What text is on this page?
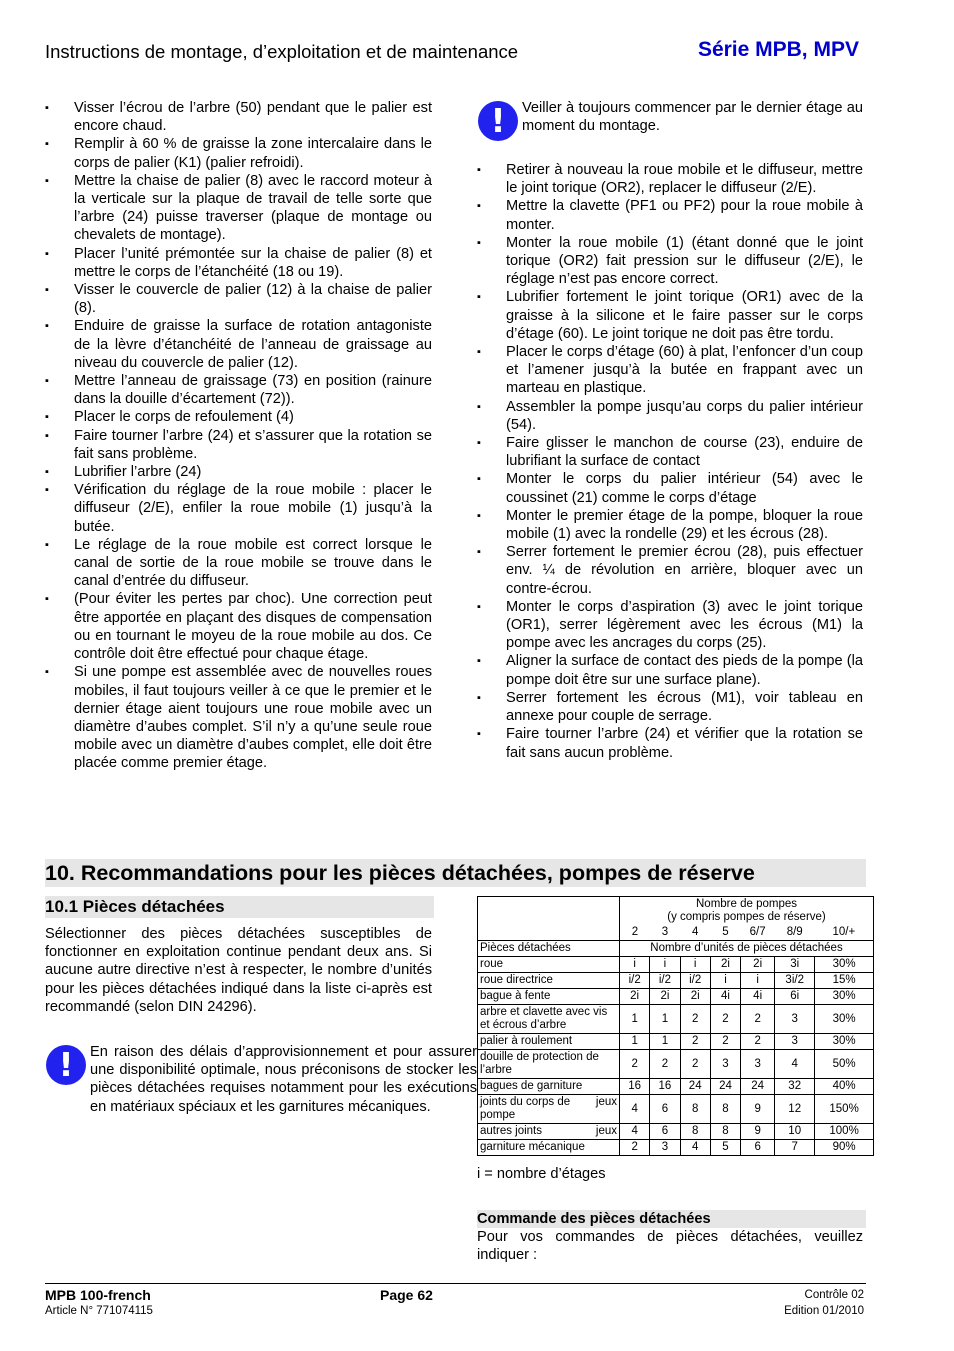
Instructions de montage, d’exploitation et de maintenance	Série MPB, MPV
▪ Visser l’écrou de l’arbre (50) pendant que le palier est encore chaud.
▪ Remplir à 60 % de graisse la zone intercalaire dans le corps de palier (K1) (palier refroidi).
▪ Mettre la chaise de palier (8) avec le raccord moteur à la verticale sur la plaque de travail de telle sorte que l’arbre (24) puisse traverser (plaque de montage ou chevalets de montage).
▪ Placer l’unité prémontée sur la chaise de palier (8) et mettre le corps de l’étanchéité (18 ou 19).
▪ Visser le couvercle de palier (12) à la chaise de palier (8).
▪ Enduire de graisse la surface de rotation antagoniste de la lèvre d’étanchéité de l’anneau de graissage au niveau du couvercle de palier (12).
▪ Mettre l’anneau de graissage (73) en position (rainure dans la douille d’écartement (72)).
▪ Placer le corps de refoulement (4)
▪ Faire tourner l’arbre (24) et s’assurer que la rotation se fait sans problème.
▪ Lubrifier l’arbre (24)
▪ Vérification du réglage de la roue mobile : placer le diffuseur (2/E), enfiler la roue mobile (1) jusqu’à la butée.
▪ Le réglage de la roue mobile est correct lorsque le canal de sortie de la roue mobile se trouve dans le canal d’entrée du diffuseur.
▪ (Pour éviter les pertes par choc). Une correction peut être apportée en plaçant des disques de compensation ou en tournant le moyeu de la roue mobile au dos. Ce contrôle doit être effectué pour chaque étage.
▪ Si une pompe est assemblée avec de nouvelles roues mobiles, il faut toujours veiller à ce que le premier et le dernier étage aient toujours une roue mobile avec un diamètre d’aubes complet. S’il n’y a qu’une seule roue mobile avec un diamètre d’aubes complet, elle doit être placée comme premier étage.
!	Veiller à toujours commencer par le dernier étage au moment du montage.
▪ Retirer à nouveau la roue mobile et le diffuseur, mettre le joint torique (OR2), replacer le diffuseur (2/E).
▪ Mettre la clavette (PF1 ou PF2) pour la roue mobile à monter.
▪ Monter la roue mobile (1) (étant donné que le joint torique (OR2) fait pression sur le diffuseur (2/E), le réglage n’est pas encore correct.
▪ Lubrifier fortement le joint torique (OR1) avec de la graisse à la silicone et le faire passer sur le corps d’étage (60). Le joint torique ne doit pas être tordu.
▪ Placer le corps d’étage (60) à plat, l’enfoncer d’un coup et l’amener jusqu’à la butée en frappant avec un marteau en plastique.
▪ Assembler la pompe jusqu’au corps du palier intérieur (54).
▪ Faire glisser le manchon de course (23), enduire de lubrifiant la surface de contact
▪ Monter le corps du palier intérieur (54) avec le coussinet (21) comme le corps d’étage
▪ Monter le premier étage de la pompe, bloquer la roue mobile (1) avec la rondelle (29) et les écrous (28).
▪ Serrer fortement le premier écrou (28), puis effectuer env. ¼ de révolution en arrière, bloquer avec un contre-écrou.
▪ Monter le corps d’aspiration (3) avec le joint torique (OR1), serrer légèrement avec les écrous (M1) la pompe avec les ancrages du corps (25).
▪ Aligner la surface de contact des pieds de la pompe (la pompe doit être sur une surface plane).
▪ Serrer fortement les écrous (M1), voir tableau en annexe pour couple de serrage.
▪ Faire tourner l’arbre (24) et vérifier que la rotation se fait sans aucun problème.
10. Recommandations pour les pièces détachées, pompes de réserve
10.1 Pièces détachées
Sélectionner des pièces détachées susceptibles de fonctionner en exploitation continue pendant deux ans. Si aucune autre directive n’est à respecter, le nombre d’unités pour les pièces détachées indiqué dans la liste ci-après est recommandé (selon DIN 24296).
!	En raison des délais d’approvisionnement et pour assurer une disponibilité optimale, nous préconisons de stocker les pièces détachées requises notamment pour les exécutions en matériaux spéciaux et les garnitures mécaniques.

	Nombre de pompes
(y compris pompes de réserve)						

	2	3	4	5	6/7	8/9	10/+
Pièces détachées	Nombre d’unités de pièces détachées						
roue	i	i	i	2i	2i	3i	30%
roue directrice	i/2	i/2	i/2	i	i	3i/2	15%
bague à fente	2i	2i	2i	4i	4i	6i	30%
arbre et clavette avec vis et écrous d’arbre	1	1	2	2	2	3	30%
palier à roulement	1	1	2	2	2	3	30%
douille de protection de l’arbre	2	2	2	3	3	4	50%
bagues de garniture	16	16	24	24	24	32	40%

jeux
joints du corps de pompe	4	6	8	8	9	12	150%

jeux
autres joints	4	6	8	8	9	10	100%
garniture mécanique	2	3	4	5	6	7	90%
i = nombre d’étages
Commande des pièces détachées
Pour vos commandes de pièces détachées, veuillez indiquer :
MPB 100-french
Article N° 771074115
Page 62	Contrôle 02
Edition 01/2010
